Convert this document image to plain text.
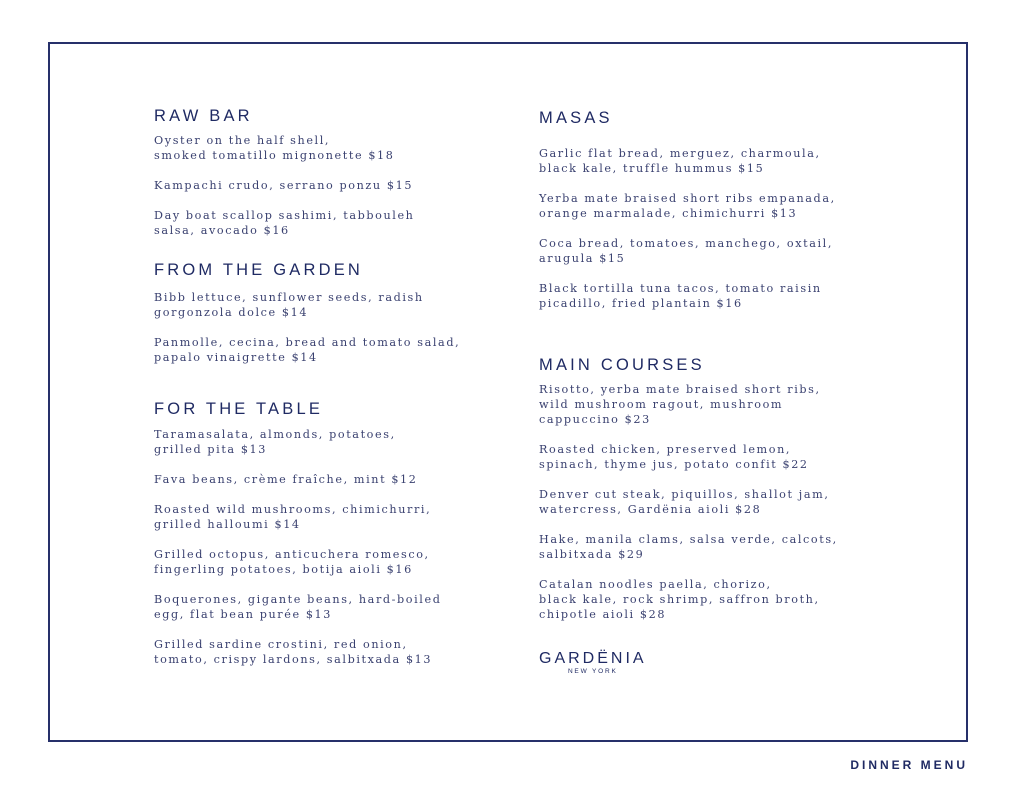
RAW BAR

Oyster on the half shell,
smoked tomatillo mignonette $18

Kampachi crudo, serrano ponzu $15

Day boat scallop sashimi, tabbouleh
salsa, avocado $16

FROM THE GARDEN

Bibb lettuce, sunflower seeds, radish
gorgonzola dolce $14

Panmolle, cecina, bread and tomato salad,
papalo vinaigrette $14

FOR THE TABLE

Taramasalata, almonds, potatoes,
grilled pita $13

Fava beans, crème fraîche, mint $12

Roasted wild mushrooms, chimichurri,
grilled halloumi $14

Grilled octopus, anticuchera romesco,
fingerling potatoes, botija aioli $16

Boquerones, gigante beans, hard-boiled
egg, flat bean purée $13

Grilled sardine crostini, red onion,
tomato, crispy lardons, salbitxada $13

MASAS

Garlic flat bread, merguez, charmoula,
black kale, truffle hummus $15

Yerba mate braised short ribs empanada,
orange marmalade, chimichurri $13

Coca bread, tomatoes, manchego, oxtail,
arugula $15

Black tortilla tuna tacos, tomato raisin
picadillo, fried plantain $16

MAIN COURSES

Risotto, yerba mate braised short ribs,
wild mushroom ragout, mushroom
cappuccino $23

Roasted chicken, preserved lemon,
spinach, thyme jus, potato confit $22

Denver cut steak, piquillos, shallot jam,
watercress, Gardënia aioli $28

Hake, manila clams, salsa verde, calcots,
salbitxada $29

Catalan noodles paella, chorizo,
black kale, rock shrimp, saffron broth,
chipotle aioli $28

GARDËNIA
NEW YORK
DINNER MENU
